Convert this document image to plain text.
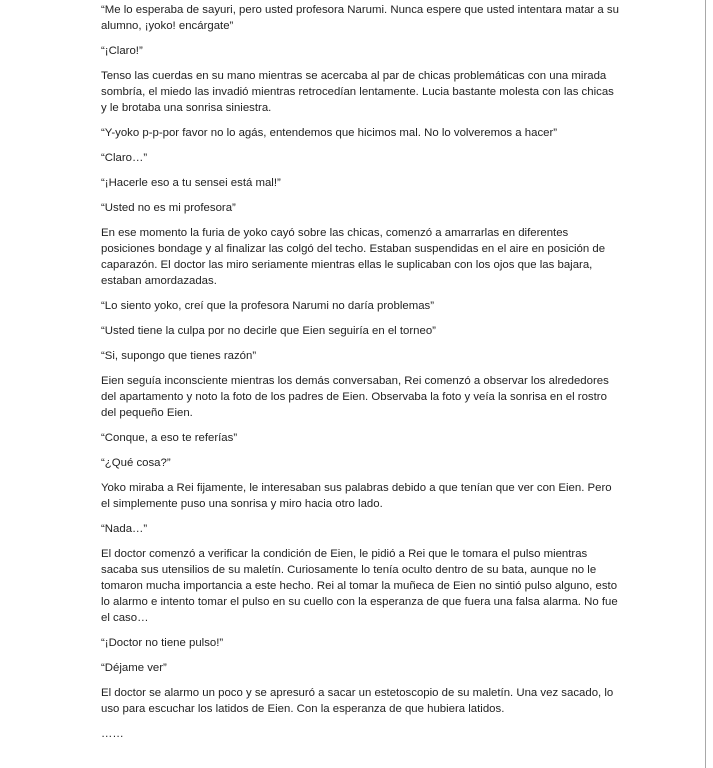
“Me lo esperaba de sayuri, pero usted profesora Narumi. Nunca espere que usted intentara matar a su alumno, ¡yoko! encárgate”

“¡Claro!”

Tenso las cuerdas en su mano mientras se acercaba al par de chicas problemáticas con una mirada sombría, el miedo las invadió mientras retrocedían lentamente. Lucia bastante molesta con las chicas y le brotaba una sonrisa siniestra.

“Y-yoko p-p-por favor no lo agás, entendemos que hicimos mal. No lo volveremos a hacer”

“Claro…”

“¡Hacerle eso a tu sensei está mal!”

“Usted no es mi profesora”

En ese momento la furia de yoko cayó sobre las chicas, comenzó a amarrarlas en diferentes posiciones bondage y al finalizar las colgó del techo. Estaban suspendidas en el aire en posición de caparazón. El doctor las miro seriamente mientras ellas le suplicaban con los ojos que las bajara, estaban amordazadas.

“Lo siento yoko, creí que la profesora Narumi no daría problemas”

“Usted tiene la culpa por no decirle que Eien seguiría en el torneo”

“Si, supongo que tienes razón”

Eien seguía inconsciente mientras los demás conversaban, Rei comenzó a observar los alrededores del apartamento y noto la foto de los padres de Eien. Observaba la foto y veía la sonrisa en el rostro del pequeño Eien.

“Conque, a eso te referías”

“¿Qué cosa?”

Yoko miraba a Rei fijamente, le interesaban sus palabras debido a que tenían que ver con Eien. Pero el simplemente puso una sonrisa y miro hacia otro lado.

“Nada…”

El doctor comenzó a verificar la condición de Eien, le pidió a Rei que le tomara el pulso mientras sacaba sus utensilios de su maletín. Curiosamente lo tenía oculto dentro de su bata, aunque no le tomaron mucha importancia a este hecho. Rei al tomar la muñeca de Eien no sintió pulso alguno, esto lo alarmo e intento tomar el pulso en su cuello con la esperanza de que fuera una falsa alarma. No fue el caso…

“¡Doctor no tiene pulso!”

“Déjame ver”

El doctor se alarmo un poco y se apresuró a sacar un estetoscopio de su maletín. Una vez sacado, lo uso para escuchar los latidos de Eien. Con la esperanza de que hubiera latidos.

……
